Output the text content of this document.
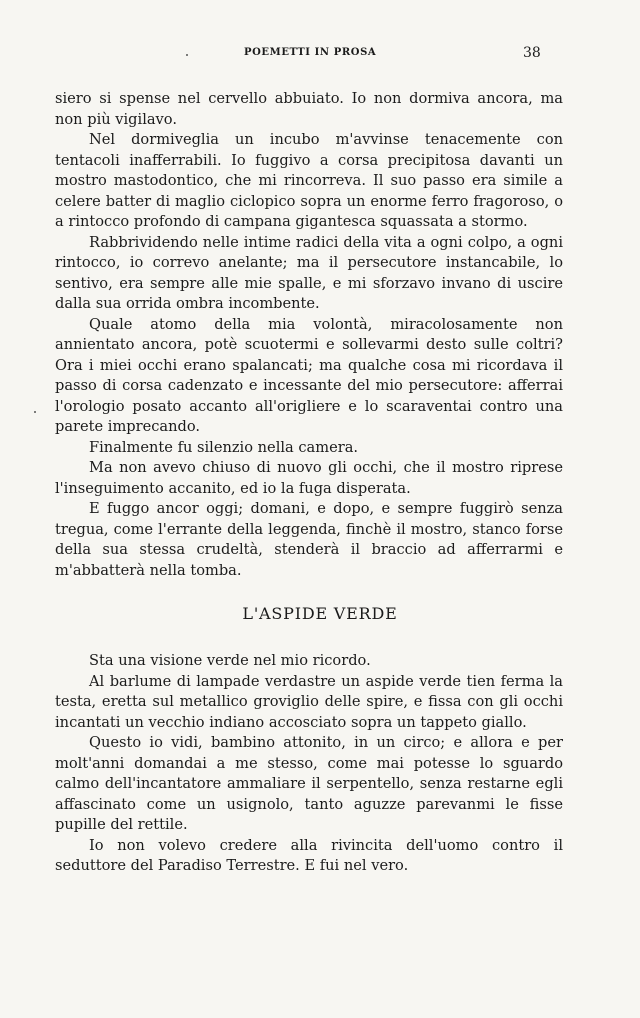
POEMETTI IN PROSA	38

siero si spense nel cervello abbuiato. Io non dormiva ancora, ma non più vigilavo.

Nel dormiveglia un incubo m'avvinse tenacemente con tentacoli inafferrabili. Io fuggivo a corsa precipitosa davanti un mostro mastodontico, che mi rincorreva. Il suo passo era simile a celere batter di maglio ciclopico sopra un enorme ferro fragoroso, o a rintocco profondo di campana gigantesca squassata a stormo.

Rabbrividendo nelle intime radici della vita a ogni colpo, a ogni rintocco, io correvo anelante; ma il persecutore instancabile, lo sentivo, era sempre alle mie spalle, e mi sforzavo invano di uscire dalla sua orrida ombra incombente.

Quale atomo della mia volontà, miracolosamente non annientato ancora, potè scuotermi e sollevarmi desto sulle coltri? Ora i miei occhi erano spalancati; ma qualche cosa mi ricordava il passo di corsa cadenzato e incessante del mio persecutore: afferrai l'orologio posato accanto all'origliere e lo scaraventai contro una parete imprecando.

Finalmente fu silenzio nella camera.

Ma non avevo chiuso di nuovo gli occhi, che il mostro riprese l'inseguimento accanito, ed io la fuga disperata.

E fuggo ancor oggi; domani, e dopo, e sempre fuggirò senza tregua, come l'errante della leggenda, finchè il mostro, stanco forse della sua stessa crudeltà, stenderà il braccio ad afferrarmi e m'abbatterà nella tomba.

L'ASPIDE VERDE

Sta una visione verde nel mio ricordo.

Al barlume di lampade verdastre un aspide verde tien ferma la testa, eretta sul metallico groviglio delle spire, e fissa con gli occhi incantati un vecchio indiano accosciato sopra un tappeto giallo.

Questo io vidi, bambino attonito, in un circo; e allora e per molt'anni domandai a me stesso, come mai potesse lo sguardo calmo dell'incantatore ammaliare il serpentello, senza restarne egli affascinato come un usignolo, tanto aguzze parevanmi le fisse pupille del rettile.

Io non volevo credere alla rivincita dell'uomo contro il seduttore del Paradiso Terrestre. E fui nel vero.
